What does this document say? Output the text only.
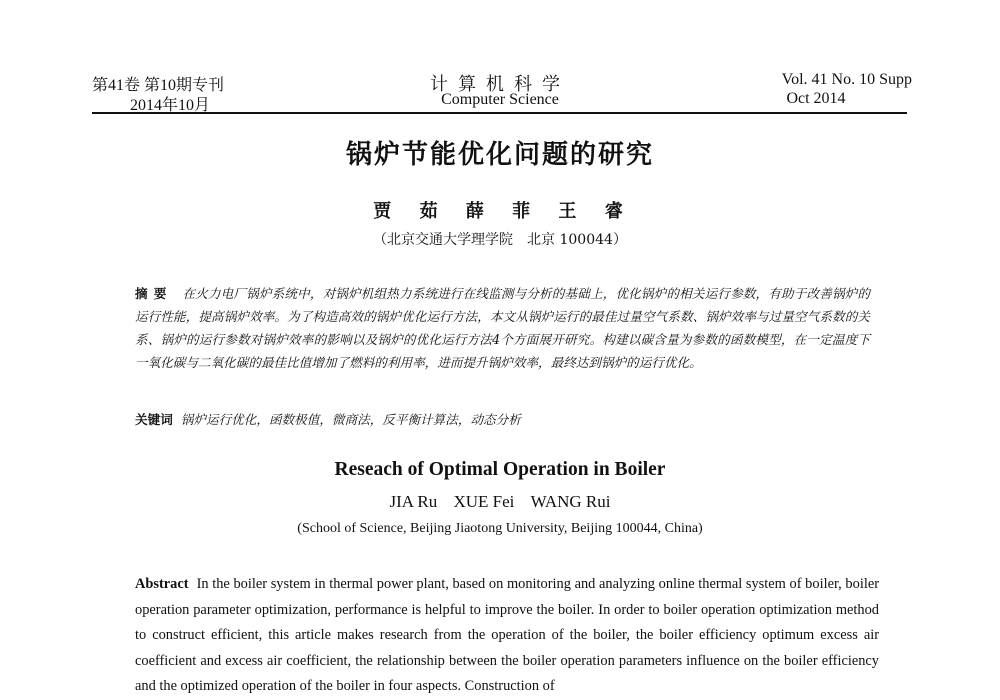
第41卷 第10期专刊
2014年10月
计算机科学
Computer Science
Vol. 41 No. 10 Supp
Oct 2014
锅炉节能优化问题的研究
贾 茹 薛 菲 王 睿
（北京交通大学理学院　北京 100044）
摘要 在火力电厂锅炉系统中，对锅炉机组热力系统进行在线监测与分析的基础上，优化锅炉的相关运行参数，有助于改善锅炉的运行性能，提高锅炉效率。为了构造高效的锅炉优化运行方法，本文从锅炉运行的最佳过量空气系数、锅炉效率与过量空气系数的关系、锅炉的运行参数对锅炉效率的影响以及锅炉的优化运行方法4个方面展开研究。构建以碳含量为参数的函数模型，在一定温度下一氧化碳与二氧化碳的最佳比值增加了燃料的利用率，进而提升锅炉效率，最终达到锅炉的运行优化。
关键词 锅炉运行优化，函数极值，微商法，反平衡计算法，动态分析
Reseach of Optimal Operation in Boiler
JIA Ru XUE Fei WANG Rui
(School of Science, Beijing Jiaotong University, Beijing 100044, China)
Abstract In the boiler system in thermal power plant, based on monitoring and analyzing online thermal system of boiler, boiler operation parameter optimization, performance is helpful to improve the boiler. In order to boiler operation optimization method to construct efficient, this article makes research from the operation of the boiler, the boiler efficiency optimum excess air coefficient and excess air coefficient, the relationship between the boiler operation parameters influence on the boiler efficiency and the optimized operation of the boiler in four aspects. Construction of
